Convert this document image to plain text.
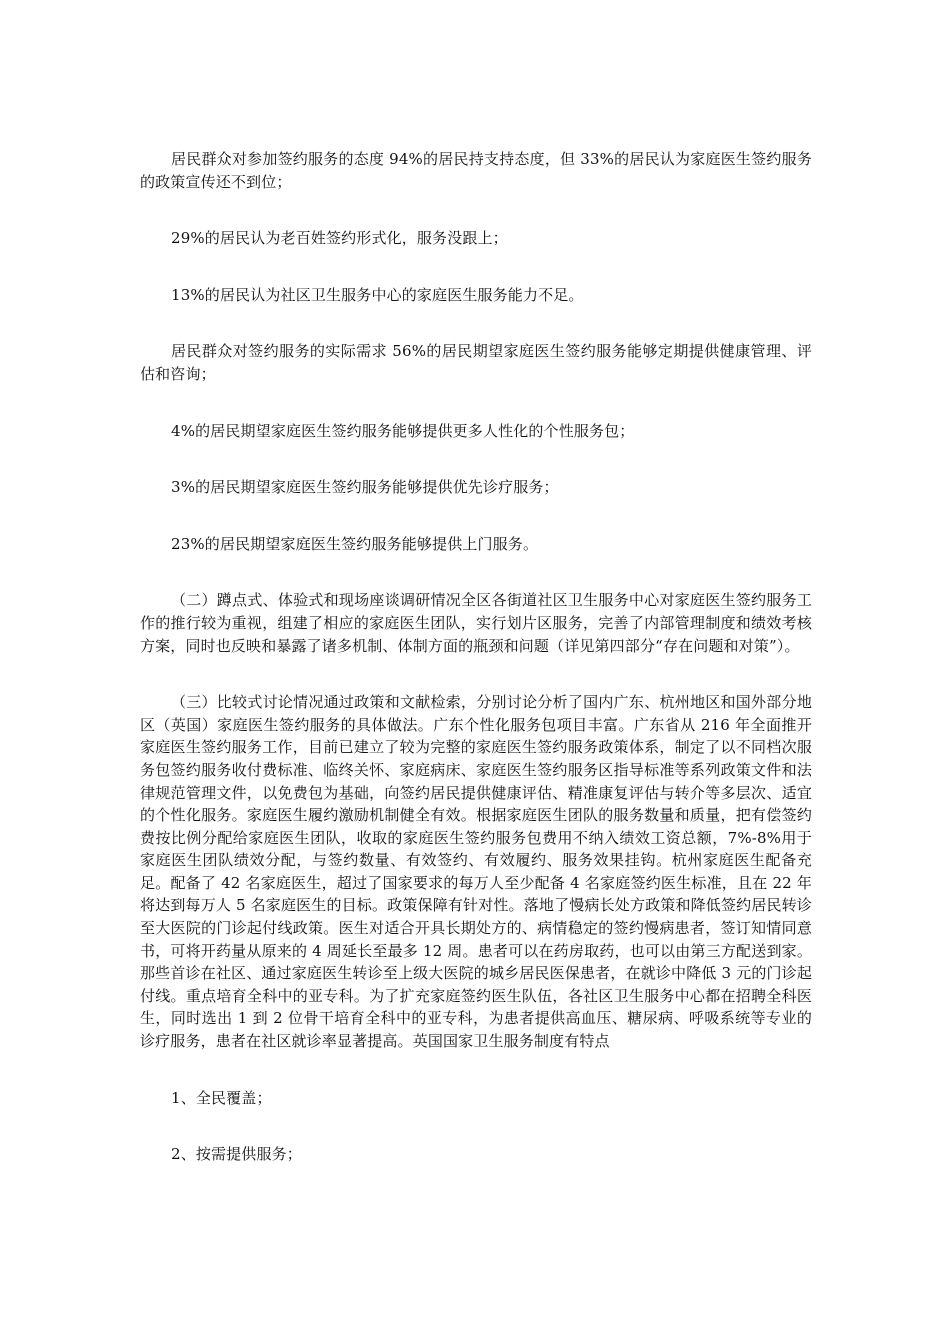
居民群众对参加签约服务的态度 94%的居民持支持态度，但 33%的居民认为家庭医生签约服务的政策宣传还不到位；

29%的居民认为老百姓签约形式化，服务没跟上；

13%的居民认为社区卫生服务中心的家庭医生服务能力不足。

居民群众对签约服务的实际需求 56%的居民期望家庭医生签约服务能够定期提供健康管理、评估和咨询；

4%的居民期望家庭医生签约服务能够提供更多人性化的个性服务包；

3%的居民期望家庭医生签约服务能够提供优先诊疗服务；

23%的居民期望家庭医生签约服务能够提供上门服务。

（二）蹲点式、体验式和现场座谈调研情况全区各街道社区卫生服务中心对家庭医生签约服务工作的推行较为重视，组建了相应的家庭医生团队，实行划片区服务，完善了内部管理制度和绩效考核方案，同时也反映和暴露了诸多机制、体制方面的瓶颈和问题（详见第四部分“存在问题和对策”）。

（三）比较式讨论情况通过政策和文献检索，分别讨论分析了国内广东、杭州地区和国外部分地区（英国）家庭医生签约服务的具体做法。广东个性化服务包项目丰富。广东省从 216 年全面推开家庭医生签约服务工作，目前已建立了较为完整的家庭医生签约服务政策体系，制定了以不同档次服务包签约服务收付费标准、临终关怀、家庭病床、家庭医生签约服务区指导标准等系列政策文件和法律规范管理文件，以免费包为基础，向签约居民提供健康评估、精准康复评估与转介等多层次、适宜的个性化服务。家庭医生履约激励机制健全有效。根据家庭医生团队的服务数量和质量，把有偿签约费按比例分配给家庭医生团队，收取的家庭医生签约服务包费用不纳入绩效工资总额，7%-8%用于家庭医生团队绩效分配，与签约数量、有效签约、有效履约、服务效果挂钩。杭州家庭医生配备充足。配备了 42 名家庭医生，超过了国家要求的每万人至少配备 4 名家庭签约医生标准，且在 22 年将达到每万人 5 名家庭医生的目标。政策保障有针对性。落地了慢病长处方政策和降低签约居民转诊至大医院的门诊起付线政策。医生对适合开具长期处方的、病情稳定的签约慢病患者，签订知情同意书，可将开药量从原来的 4 周延长至最多 12 周。患者可以在药房取药，也可以由第三方配送到家。那些首诊在社区、通过家庭医生转诊至上级大医院的城乡居民医保患者，在就诊中降低 3 元的门诊起付线。重点培育全科中的亚专科。为了扩充家庭签约医生队伍，各社区卫生服务中心都在招聘全科医生，同时选出 1 到 2 位骨干培育全科中的亚专科，为患者提供高血压、糖尿病、呼吸系统等专业的诊疗服务，患者在社区就诊率显著提高。英国国家卫生服务制度有特点

1、全民覆盖；

2、按需提供服务；
